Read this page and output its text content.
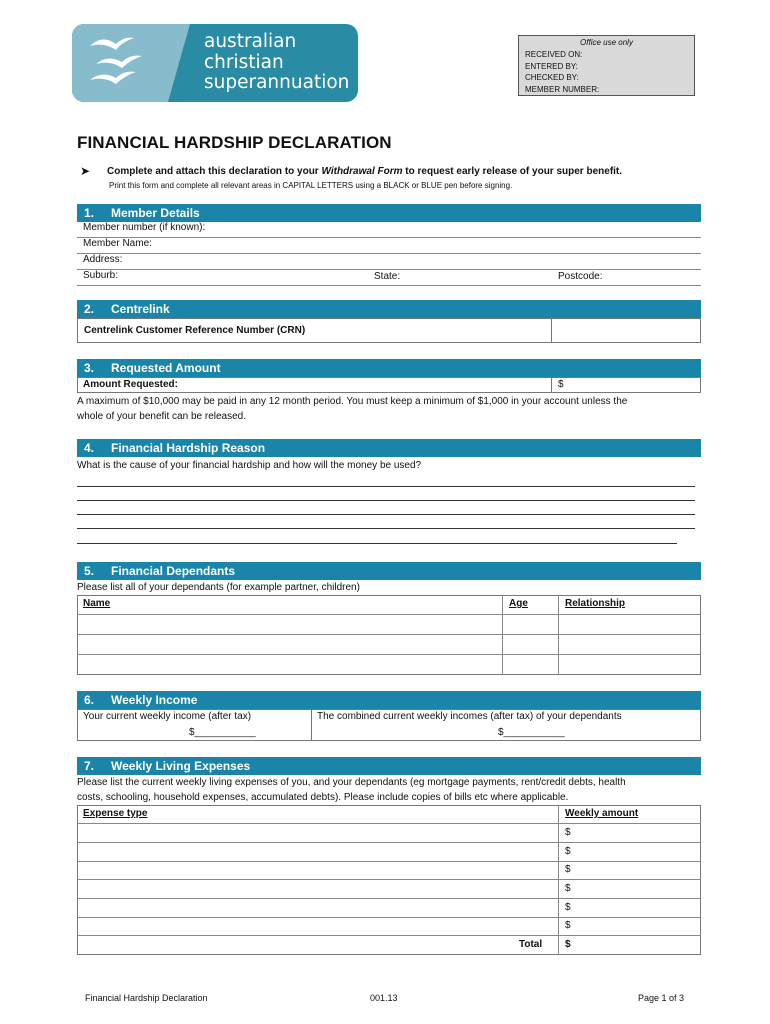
australian
christian
superannuation
Office use only
RECEIVED ON:
ENTERED BY:
CHECKED BY:
MEMBER NUMBER:
FINANCIAL HARDSHIP DECLARATION
➤ Complete and attach this declaration to your Withdrawal Form to request early release of your super benefit.
Print this form and complete all relevant areas in CAPITAL LETTERS using a BLACK or BLUE pen before signing.
1. Member Details
Member number (if known):
Member Name:
Address:
Suburb:	State:	Postcode:
2. Centrelink
Centrelink Customer Reference Number (CRN)
3. Requested Amount
Amount Requested:	$
A maximum of $10,000 may be paid in any 12 month period. You must keep a minimum of $1,000 in your account unless the
whole of your benefit can be released.
4. Financial Hardship Reason
What is the cause of your financial hardship and how will the money be used?
5. Financial Dependants
Please list all of your dependants (for example partner, children)
Name	Age	Relationship
6. Weekly Income
Your current weekly income (after tax)
$___________
The combined current weekly incomes (after tax) of your dependants
$___________
7. Weekly Living Expenses
Please list the current weekly living expenses of you, and your dependants (eg mortgage payments, rent/credit debts, health
costs, schooling, household expenses, accumulated debts). Please include copies of bills etc where applicable.
Expense type	Weekly amount
$
$
$
$
$
$
Total $
Financial Hardship Declaration	001.13	Page 1 of 3
